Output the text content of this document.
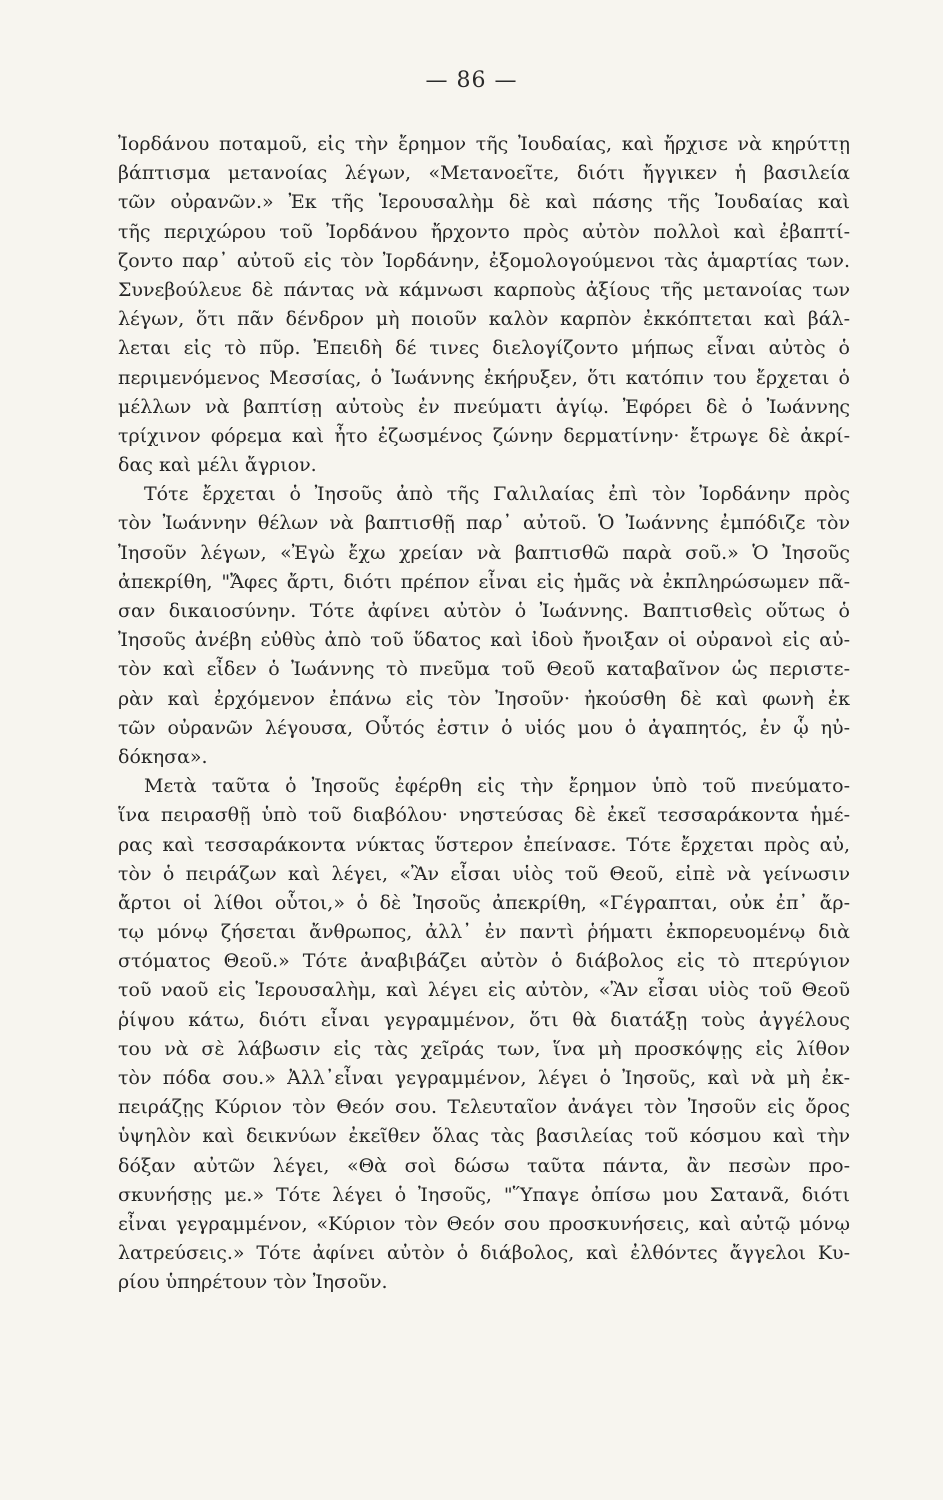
— 86 —
Ἰορδάνου ποταμοῦ, εἰς τὴν ἔρημον τῆς Ἰουδαίας, καὶ ἤρχισε νὰ κηρύττῃ
βάπτισμα μετανοίας λέγων, «Μετανοεῖτε, διότι ἤγγικεν ἡ βασιλεία
τῶν οὐρανῶν.» Ἐκ τῆς Ἱερουσαλὴμ δὲ καὶ πάσης τῆς Ἰουδαίας καὶ
τῆς περιχώρου τοῦ Ἰορδάνου ἤρχοντο πρὸς αὐτὸν πολλοὶ καὶ ἐβαπτί-
ζοντο παρ᾽ αὐτοῦ εἰς τὸν Ἰορδάνην, ἐξομολογούμενοι τὰς ἁμαρτίας των.
Συνεβούλευε δὲ πάντας νὰ κάμνωσι καρποὺς ἀξίους τῆς μετανοίας των
λέγων, ὅτι πᾶν δένδρον μὴ ποιοῦν καλὸν καρπὸν ἐκκόπτεται καὶ βάλ-
λεται εἰς τὸ πῦρ. Ἐπειδὴ δέ τινες διελογίζοντο μήπως εἶναι αὐτὸς ὁ
περιμενόμενος Μεσσίας, ὁ Ἰωάννης ἐκήρυξεν, ὅτι κατόπιν του ἔρχεται ὁ
μέλλων νὰ βαπτίσῃ αὐτοὺς ἐν πνεύματι ἁγίῳ. Ἐφόρει δὲ ὁ Ἰωάννης
τρίχινον φόρεμα καὶ ἦτο ἐζωσμένος ζώνην δερματίνην· ἔτρωγε δὲ ἀκρί-
δας καὶ μέλι ἄγριον.
Τότε ἔρχεται ὁ Ἰησοῦς ἀπὸ τῆς Γαλιλαίας ἐπὶ τὸν Ἰορδάνην πρὸς
τὸν Ἰωάννην θέλων νὰ βαπτισθῇ παρ᾽ αὐτοῦ. Ὁ Ἰωάννης ἐμπόδιζε τὸν
Ἰησοῦν λέγων, «Ἐγὼ ἔχω χρείαν νὰ βαπτισθῶ παρὰ σοῦ.» Ὁ Ἰησοῦς
ἀπεκρίθη, "Ἄφες ἄρτι, διότι πρέπον εἶναι εἰς ἡμᾶς νὰ ἐκπληρώσωμεν πᾶ-
σαν δικαιοσύνην. Τότε ἀφίνει αὐτὸν ὁ Ἰωάννης. Βαπτισθεὶς οὕτως ὁ
Ἰησοῦς ἀνέβη εὐθὺς ἀπὸ τοῦ ὕδατος καὶ ἰδοὺ ἤνοιξαν οἱ οὐρανοὶ εἰς αὐ-
τὸν καὶ εἶδεν ὁ Ἰωάννης τὸ πνεῦμα τοῦ Θεοῦ καταβαῖνον ὡς περιστε-
ρὰν καὶ ἐρχόμενον ἐπάνω εἰς τὸν Ἰησοῦν· ἠκούσθη δὲ καὶ φωνὴ ἐκ
τῶν οὐρανῶν λέγουσα, Οὗτός ἐστιν ὁ υἱός μου ὁ ἀγαπητός, ἐν ᾧ ηὐ-
δόκησα».
Μετὰ ταῦτα ὁ Ἰησοῦς ἐφέρθη εἰς τὴν ἔρημον ὑπὸ τοῦ πνεύματο-
ἵνα πειρασθῇ ὑπὸ τοῦ διαβόλου· νηστεύσας δὲ ἐκεῖ τεσσαράκοντα ἡμέ-
ρας καὶ τεσσαράκοντα νύκτας ὕστερον ἐπείνασε. Τότε ἔρχεται πρὸς αὐ,
τὸν ὁ πειράζων καὶ λέγει, «Ἂν εἶσαι υἱὸς τοῦ Θεοῦ, εἰπὲ νὰ γείνωσιν
ἄρτοι οἱ λίθοι οὗτοι,» ὁ δὲ Ἰησοῦς ἀπεκρίθη, «Γέγραπται, οὐκ ἐπ᾽ ἄρ-
τῳ μόνῳ ζήσεται ἄνθρωπος, ἀλλ᾽ ἐν παντὶ ῥήματι ἐκπορευομένῳ διὰ
στόματος Θεοῦ.» Τότε ἀναβιβάζει αὐτὸν ὁ διάβολος εἰς τὸ πτερύγιον
τοῦ ναοῦ εἰς Ἱερουσαλὴμ, καὶ λέγει εἰς αὐτὸν, «Ἂν εἶσαι υἱὸς τοῦ Θεοῦ
ῥίψου κάτω, διότι εἶναι γεγραμμένον, ὅτι θὰ διατάξῃ τοὺς ἀγγέλους
του νὰ σὲ λάβωσιν εἰς τὰς χεῖράς των, ἵνα μὴ προσκόψῃς εἰς λίθον
τὸν πόδα σου.» Ἀλλ᾽εἶναι γεγραμμένον, λέγει ὁ Ἰησοῦς, καὶ νὰ μὴ ἐκ-
πειράζῃς Κύριον τὸν Θεόν σου. Τελευταῖον ἀνάγει τὸν Ἰησοῦν εἰς ὄρος
ὑψηλὸν καὶ δεικνύων ἐκεῖθεν ὅλας τὰς βασιλείας τοῦ κόσμου καὶ τὴν
δόξαν αὐτῶν λέγει, «Θὰ σοὶ δώσω ταῦτα πάντα, ἂν πεσὼν προ-
σκυνήσῃς με.» Τότε λέγει ὁ Ἰησοῦς, "Ὕπαγε ὀπίσω μου Σατανᾶ, διότι
εἶναι γεγραμμένον, «Κύριον τὸν Θεόν σου προσκυνήσεις, καὶ αὐτῷ μόνῳ
λατρεύσεις.» Τότε ἀφίνει αὐτὸν ὁ διάβολος, καὶ ἐλθόντες ἄγγελοι Κυ-
ρίου ὑπηρέτουν τὸν Ἰησοῦν.
